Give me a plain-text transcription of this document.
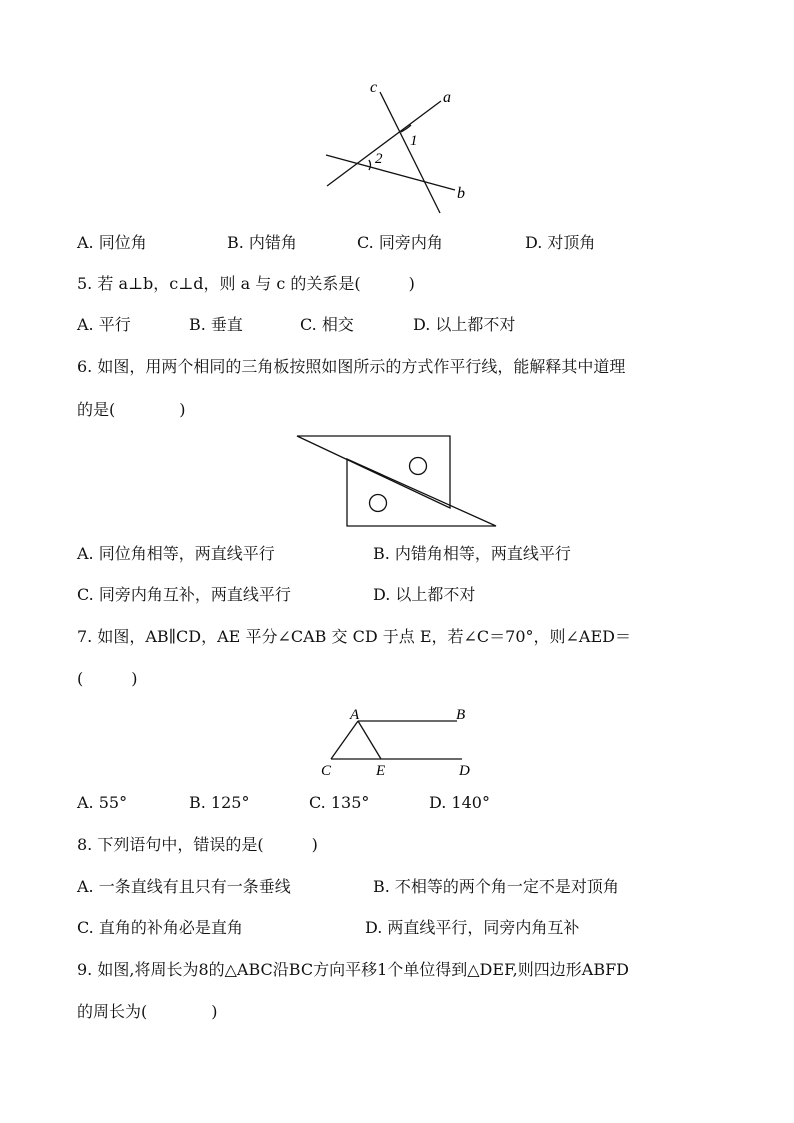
c
a
b
1
2
A. 同位角	B. 内错角	C. 同旁内角	D. 对顶角
5. 若 a⊥b，c⊥d，则 a 与 c 的关系是(　　　)
A. 平行	B. 垂直	C. 相交	D. 以上都不对
6. 如图，用两个相同的三角板按照如图所示的方式作平行线，能解释其中道理
的是(　　　　)
A. 同位角相等，两直线平行	B. 内错角相等，两直线平行
C. 同旁内角互补，两直线平行	D. 以上都不对
7. 如图，AB∥CD，AE 平分∠CAB 交 CD 于点 E，若∠C＝70°，则∠AED＝
(　　　)
A	B
C	E	D
A. 55°	B. 125°	C. 135°	D. 140°
8. 下列语句中，错误的是(　　　)
A. 一条直线有且只有一条垂线	B. 不相等的两个角一定不是对顶角
C. 直角的补角必是直角	D. 两直线平行，同旁内角互补
9. 如图,将周长为8的△ABC沿BC方向平移1个单位得到△DEF,则四边形ABFD
的周长为(　　　　)
